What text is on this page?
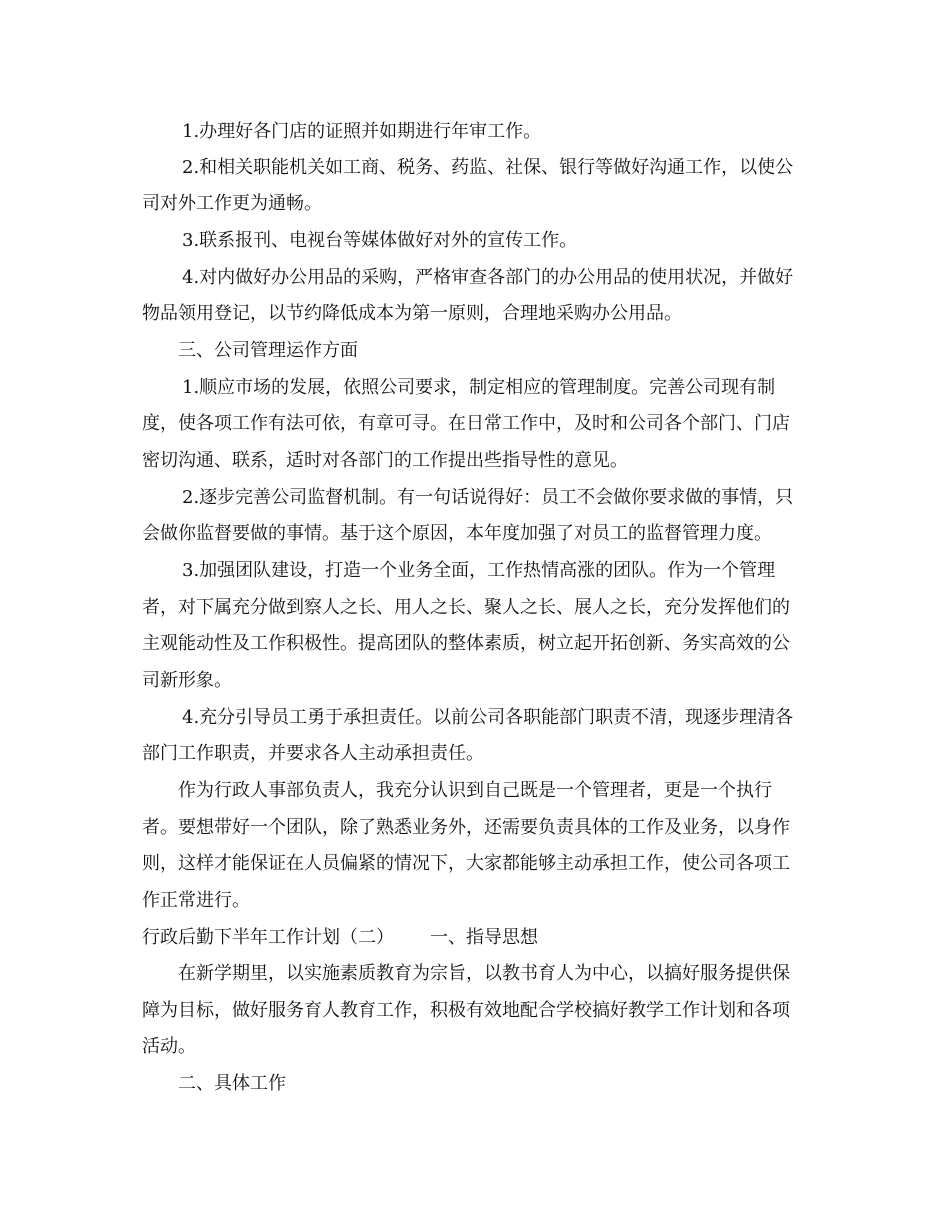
1.办理好各门店的证照并如期进行年审工作。
2.和相关职能机关如工商、税务、药监、社保、银行等做好沟通工作，以使公
司对外工作更为通畅。
3.联系报刊、电视台等媒体做好对外的宣传工作。
4.对内做好办公用品的采购，严格审查各部门的办公用品的使用状况，并做好
物品领用登记，以节约降低成本为第一原则，合理地采购办公用品。
三、公司管理运作方面
1.顺应市场的发展，依照公司要求，制定相应的管理制度。完善公司现有制
度，使各项工作有法可依，有章可寻。在日常工作中，及时和公司各个部门、门店
密切沟通、联系，适时对各部门的工作提出些指导性的意见。
2.逐步完善公司监督机制。有一句话说得好：员工不会做你要求做的事情，只
会做你监督要做的事情。基于这个原因，本年度加强了对员工的监督管理力度。
3.加强团队建设，打造一个业务全面，工作热情高涨的团队。作为一个管理
者，对下属充分做到察人之长、用人之长、聚人之长、展人之长，充分发挥他们的
主观能动性及工作积极性。提高团队的整体素质，树立起开拓创新、务实高效的公
司新形象。
4.充分引导员工勇于承担责任。以前公司各职能部门职责不清，现逐步理清各
部门工作职责，并要求各人主动承担责任。
作为行政人事部负责人，我充分认识到自己既是一个管理者，更是一个执行
者。要想带好一个团队，除了熟悉业务外，还需要负责具体的工作及业务，以身作
则，这样才能保证在人员偏紧的情况下，大家都能够主动承担工作，使公司各项工
作正常进行。
行政后勤下半年工作计划（二） 一、指导思想
在新学期里，以实施素质教育为宗旨，以教书育人为中心，以搞好服务提供保
障为目标，做好服务育人教育工作，积极有效地配合学校搞好教学工作计划和各项
活动。
二、具体工作
